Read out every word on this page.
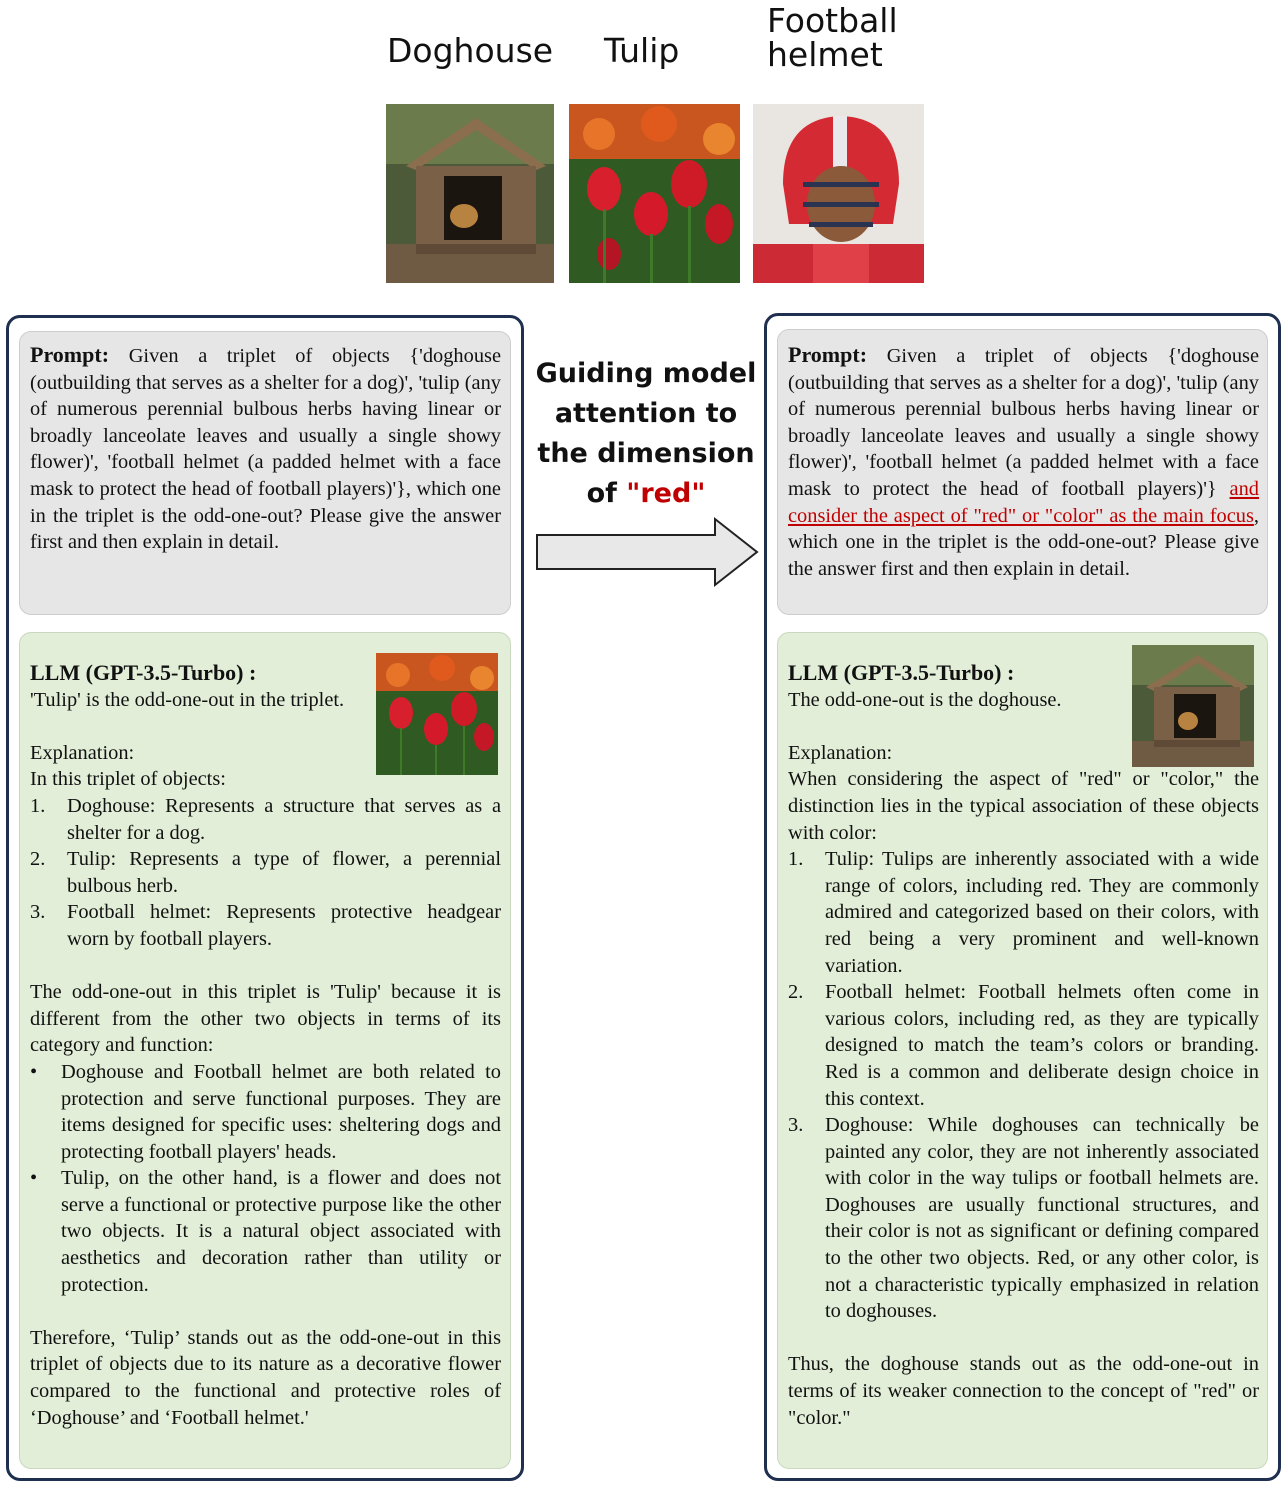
Doghouse Tulip
Football helmet
Prompt: Given a triplet of objects {'doghouse (outbuilding that serves as a shelter for a dog)', 'tulip (any of numerous perennial bulbous herbs having linear or broadly lanceolate leaves and usually a single showy flower)', 'football helmet (a padded helmet with a face mask to protect the head of football players)'}, which one in the triplet is the odd-one-out? Please give the answer first and then explain in detail.
LLM (GPT-3.5-Turbo) :
'Tulip' is the odd-one-out in the triplet.
Explanation:
In this triplet of objects:
1. Doghouse: Represents a structure that serves as a shelter for a dog.
2. Tulip: Represents a type of flower, a perennial bulbous herb.
3. Football helmet: Represents protective headgear worn by football players.
The odd-one-out in this triplet is 'Tulip' because it is different from the other two objects in terms of its category and function:
• Doghouse and Football helmet are both related to protection and serve functional purposes. They are items designed for specific uses: sheltering dogs and protecting football players' heads.
• Tulip, on the other hand, is a flower and does not serve a functional or protective purpose like the other two objects. It is a natural object associated with aesthetics and decoration rather than utility or protection.
Therefore, ‘Tulip’ stands out as the odd-one-out in this triplet of objects due to its nature as a decorative flower compared to the functional and protective roles of ‘Doghouse’ and ‘Football helmet.'
Guiding model
attention to
the dimension
of "red"
Prompt: Given a triplet of objects {'doghouse (outbuilding that serves as a shelter for a dog)', 'tulip (any of numerous perennial bulbous herbs having linear or broadly lanceolate leaves and usually a single showy flower)', 'football helmet (a padded helmet with a face mask to protect the head of football players)'} and consider the aspect of "red" or "color" as the main focus, which one in the triplet is the odd-one-out? Please give the answer first and then explain in detail.
LLM (GPT-3.5-Turbo) :
The odd-one-out is the doghouse.
Explanation:
When considering the aspect of "red" or "color," the distinction lies in the typical association of these objects with color:
1. Tulip: Tulips are inherently associated with a wide range of colors, including red. They are commonly admired and categorized based on their colors, with red being a very prominent and well-known variation.
2. Football helmet: Football helmets often come in various colors, including red, as they are typically designed to match the team’s colors or branding. Red is a common and deliberate design choice in this context.
3. Doghouse: While doghouses can technically be painted any color, they are not inherently associated with color in the way tulips or football helmets are. Doghouses are usually functional structures, and their color is not as significant or defining compared to the other two objects. Red, or any other color, is not a characteristic typically emphasized in relation to doghouses.
Thus, the doghouse stands out as the odd-one-out in terms of its weaker connection to the concept of "red" or "color."
